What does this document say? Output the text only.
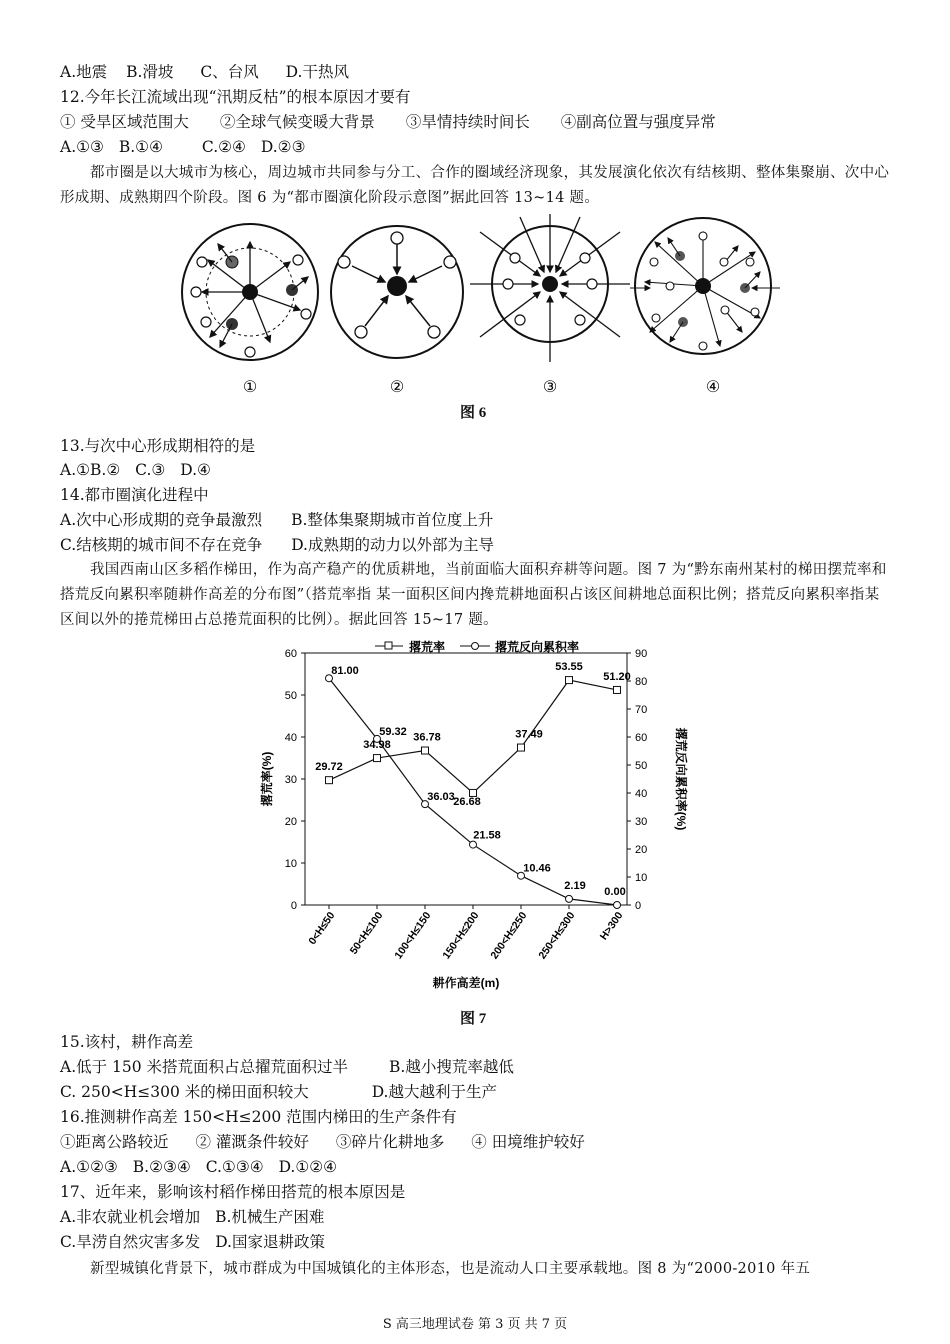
A.地震 B.滑坡 C、台风 D.干热风
12.今年长江流域出现“汛期反枯”的根本原因才要有
① 受旱区域范围大 ②全球气候变暖大背景 ③旱情持续时间长 ④副高位置与强度异常
A.①③ B.①④	C.②④ D.②③
都市圈是以大城市为核心，周边城市共同参与分工、合作的圈域经济现象，其发展演化依次有结核期、整体集聚崩、次中心形成期、成熟期四个阶段。图 6 为“都市圈演化阶段示意图”据此回答 13~14 题。
①	②	③	④
图 6
13.与次中心形成期相符的是
A.①B.② C.③ D.④
14.都市圈演化进程中
A.次中心形成期的竞争最激烈 B.整体集聚期城市首位度上升
C.结核期的城市间不存在竞争 D.成熟期的动力以外部为主导
我国西南山区多稻作梯田，作为高产稳产的优质耕地，当前面临大面积弃耕等问题。图 7 为“黔东南州某村的梯田摆荒率和搭荒反向累积率随耕作高差的分布图”（搭荒率指 某一面积区间内搀荒耕地面积占该区间耕地总面积比例；搭荒反向累积率指某区间以外的捲荒梯田占总捲荒面积的比例）。据此回答 15~17 题。
撂荒率	撂荒反向累积率
0
10
20
30
40
50
60
0
10
20
30
40
50
60
70
80
90
0<H≤50 50<H≤100 100<H≤150 150<H≤200 200<H≤250 250<H≤300 H>300
29.72
34.98
36.78
26.68
37.49
53.55
51.20
81.00
59.32
36.03
21.58
10.46
2.19
0.00
撂荒率(%)	撂荒反向累积率(%)
耕作高差(m)
图 7
15.该村，耕作高差
A.低于 150 米搭荒面积占总擢荒面积过半	B.越小搜荒率越低
C. 250<H≤300 米的梯田面积较大	D.越大越利于生产
16.推测耕作高差 150<H≤200 范围内梯田的生产条件有
①距离公路较近 ② 灌溉条件较好 ③碎片化耕地多 ④ 田境维护较好
A.①②③ B.②③④ C.①③④ D.①②④
17、近年来，影响该村稻作梯田搭荒的根本原因是
A.非农就业机会增加 B.机械生产困难
C.旱涝自然灾害多发 D.国家退耕政策
新型城镇化背景下，城市群成为中国城镇化的主体形态，也是流动人口主要承载地。图 8 为“2000-2010 年五
S 高三地理试卷 第 3 页 共 7 页
